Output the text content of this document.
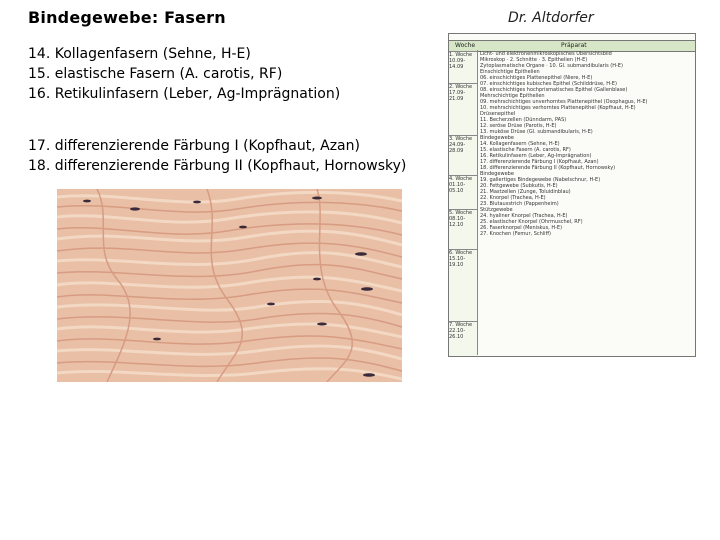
Bindegewebe: Fasern	Dr. Altdorfer
14. Kollagenfasern (Sehne, H-E)
15. elastische Fasern (A. carotis, RF)
16. Retikulinfasern (Leber, Ag-Imprägnation)
17. differenzierende Färbung I (Kopfhaut, Azan)
18. differenzierende Färbung II (Kopfhaut, Hornowsky)
Woche	Präparat
1. Woche 10.09-14.09
2. Woche 17.09-21.09
3. Woche 24.09-28.09
4. Woche 01.10-05.10
5. Woche 08.10-12.10
6. Woche 15.10-19.10
7. Woche 22.10-26.10
Licht- und elektronenmikroskopisches Übersichtsbild
Mikroskop · 2. Schnitte · 3. Epithelien (H-E)
Zytoplasmatische Organe · 10. Gl. submandibularis (H-E)
Einschichtige Epithelien
06. einschichtiges Plattenepithel (Niere, H-E)
07. einschichtiges kubisches Epithel (Schilddrüse, H-E)
08. einschichtiges hochprismatisches Epithel (Gallenblase)
Mehrschichtige Epithelien
09. mehrschichtiges unverhorntes Plattenepithel (Ösophagus, H-E)
10. mehrschichtiges verhorntes Plattenepithel (Kopfhaut, H-E)
Drüsenepithel
11. Becherzellen (Dünndarm, PAS)
12. seröse Drüse (Parotis, H-E)
13. muköse Drüse (Gl. submandibularis, H-E)
Bindegewebe
14. Kollagenfasern (Sehne, H-E)
15. elastische Fasern (A. carotis, RF)
16. Retikulinfasern (Leber, Ag-Imprägnation)
17. differenzierende Färbung I (Kopfhaut, Azan)
18. differenzierende Färbung II (Kopfhaut, Hornowsky)
Bindegewebe
19. gallertiges Bindegewebe (Nabelschnur, H-E)
20. Fettgewebe (Subkutis, H-E)
21. Mastzellen (Zunge, Toluidinblau)
22. Knorpel (Trachea, H-E)
23. Blutausstrich (Pappenheim)
Stützgewebe
24. hyaliner Knorpel (Trachea, H-E)
25. elastischer Knorpel (Ohrmuschel, RF)
26. Faserknorpel (Meniskus, H-E)
27. Knochen (Femur, Schliff)
